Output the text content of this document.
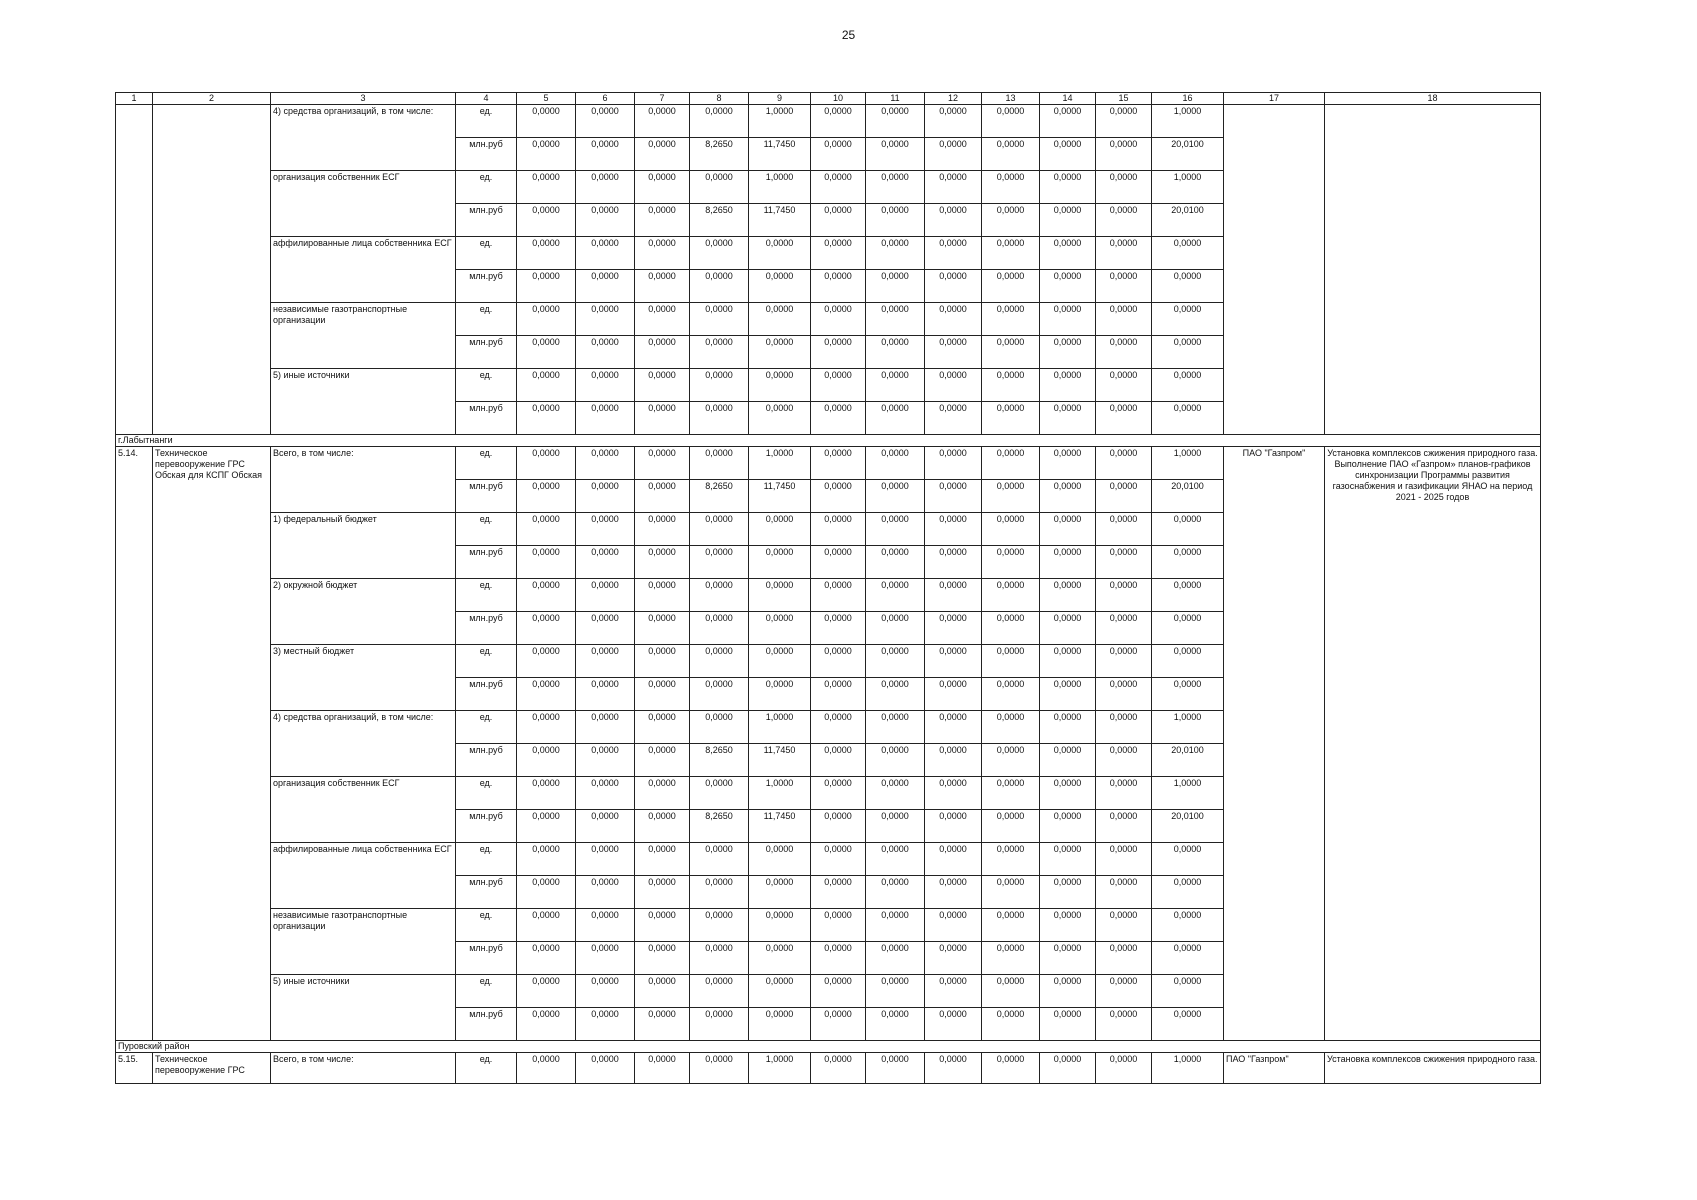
25
1	2	3	4	5	6	7	8	9	10	11	12	13	14	15	16	17	18
		4) средства организаций, в том числе:	ед.	0,0000	0,0000	0,0000	0,0000	1,0000	0,0000	0,0000	0,0000	0,0000	0,0000	0,0000	1,0000		
			млн.руб	0,0000	0,0000	0,0000	8,2650	11,7450	0,0000	0,0000	0,0000	0,0000	0,0000	0,0000	20,0100		
		организация собственник ЕСГ	ед.	0,0000	0,0000	0,0000	0,0000	1,0000	0,0000	0,0000	0,0000	0,0000	0,0000	0,0000	1,0000		
			млн.руб	0,0000	0,0000	0,0000	8,2650	11,7450	0,0000	0,0000	0,0000	0,0000	0,0000	0,0000	20,0100		
		аффилированные лица собственника ЕСГ	ед.	0,0000	0,0000	0,0000	0,0000	0,0000	0,0000	0,0000	0,0000	0,0000	0,0000	0,0000	0,0000		
			млн.руб	0,0000	0,0000	0,0000	0,0000	0,0000	0,0000	0,0000	0,0000	0,0000	0,0000	0,0000	0,0000		
		независимые газотранспортные организации	ед.	0,0000	0,0000	0,0000	0,0000	0,0000	0,0000	0,0000	0,0000	0,0000	0,0000	0,0000	0,0000		
			млн.руб	0,0000	0,0000	0,0000	0,0000	0,0000	0,0000	0,0000	0,0000	0,0000	0,0000	0,0000	0,0000		
		5) иные источники	ед.	0,0000	0,0000	0,0000	0,0000	0,0000	0,0000	0,0000	0,0000	0,0000	0,0000	0,0000	0,0000		
			млн.руб	0,0000	0,0000	0,0000	0,0000	0,0000	0,0000	0,0000	0,0000	0,0000	0,0000	0,0000	0,0000		
г.Лабытнанги																	
5.14.	Техническое перевооружение ГРС Обская для КСПГ Обская	Всего, в том числе:	ед.	0,0000	0,0000	0,0000	0,0000	1,0000	0,0000	0,0000	0,0000	0,0000	0,0000	0,0000	1,0000	ПАО "Газпром"	Установка комплексов сжижения природного газа. Выполнение ПАО «Газпром» планов-графиков синхронизации Программы развития газоснабжения и газификации ЯНАО на период 2021 - 2025 годов
			млн.руб	0,0000	0,0000	0,0000	8,2650	11,7450	0,0000	0,0000	0,0000	0,0000	0,0000	0,0000	20,0100		
		1) федеральный бюджет	ед.	0,0000	0,0000	0,0000	0,0000	0,0000	0,0000	0,0000	0,0000	0,0000	0,0000	0,0000	0,0000		
			млн.руб	0,0000	0,0000	0,0000	0,0000	0,0000	0,0000	0,0000	0,0000	0,0000	0,0000	0,0000	0,0000		
		2) окружной бюджет	ед.	0,0000	0,0000	0,0000	0,0000	0,0000	0,0000	0,0000	0,0000	0,0000	0,0000	0,0000	0,0000		
			млн.руб	0,0000	0,0000	0,0000	0,0000	0,0000	0,0000	0,0000	0,0000	0,0000	0,0000	0,0000	0,0000		
		3) местный бюджет	ед.	0,0000	0,0000	0,0000	0,0000	0,0000	0,0000	0,0000	0,0000	0,0000	0,0000	0,0000	0,0000		
			млн.руб	0,0000	0,0000	0,0000	0,0000	0,0000	0,0000	0,0000	0,0000	0,0000	0,0000	0,0000	0,0000		
		4) средства организаций, в том числе:	ед.	0,0000	0,0000	0,0000	0,0000	1,0000	0,0000	0,0000	0,0000	0,0000	0,0000	0,0000	1,0000		
			млн.руб	0,0000	0,0000	0,0000	8,2650	11,7450	0,0000	0,0000	0,0000	0,0000	0,0000	0,0000	20,0100		
		организация собственник ЕСГ	ед.	0,0000	0,0000	0,0000	0,0000	1,0000	0,0000	0,0000	0,0000	0,0000	0,0000	0,0000	1,0000		
			млн.руб	0,0000	0,0000	0,0000	8,2650	11,7450	0,0000	0,0000	0,0000	0,0000	0,0000	0,0000	20,0100		
		аффилированные лица собственника ЕСГ	ед.	0,0000	0,0000	0,0000	0,0000	0,0000	0,0000	0,0000	0,0000	0,0000	0,0000	0,0000	0,0000		
			млн.руб	0,0000	0,0000	0,0000	0,0000	0,0000	0,0000	0,0000	0,0000	0,0000	0,0000	0,0000	0,0000		
		независимые газотранспортные организации	ед.	0,0000	0,0000	0,0000	0,0000	0,0000	0,0000	0,0000	0,0000	0,0000	0,0000	0,0000	0,0000		
			млн.руб	0,0000	0,0000	0,0000	0,0000	0,0000	0,0000	0,0000	0,0000	0,0000	0,0000	0,0000	0,0000		
		5) иные источники	ед.	0,0000	0,0000	0,0000	0,0000	0,0000	0,0000	0,0000	0,0000	0,0000	0,0000	0,0000	0,0000		
			млн.руб	0,0000	0,0000	0,0000	0,0000	0,0000	0,0000	0,0000	0,0000	0,0000	0,0000	0,0000	0,0000		
Пуровский район																	
5.15.	Техническое перевооружение ГРС	Всего, в том числе:	ед.	0,0000	0,0000	0,0000	0,0000	1,0000	0,0000	0,0000	0,0000	0,0000	0,0000	0,0000	1,0000	ПАО "Газпром"	Установка комплексов сжижения природного газа.
